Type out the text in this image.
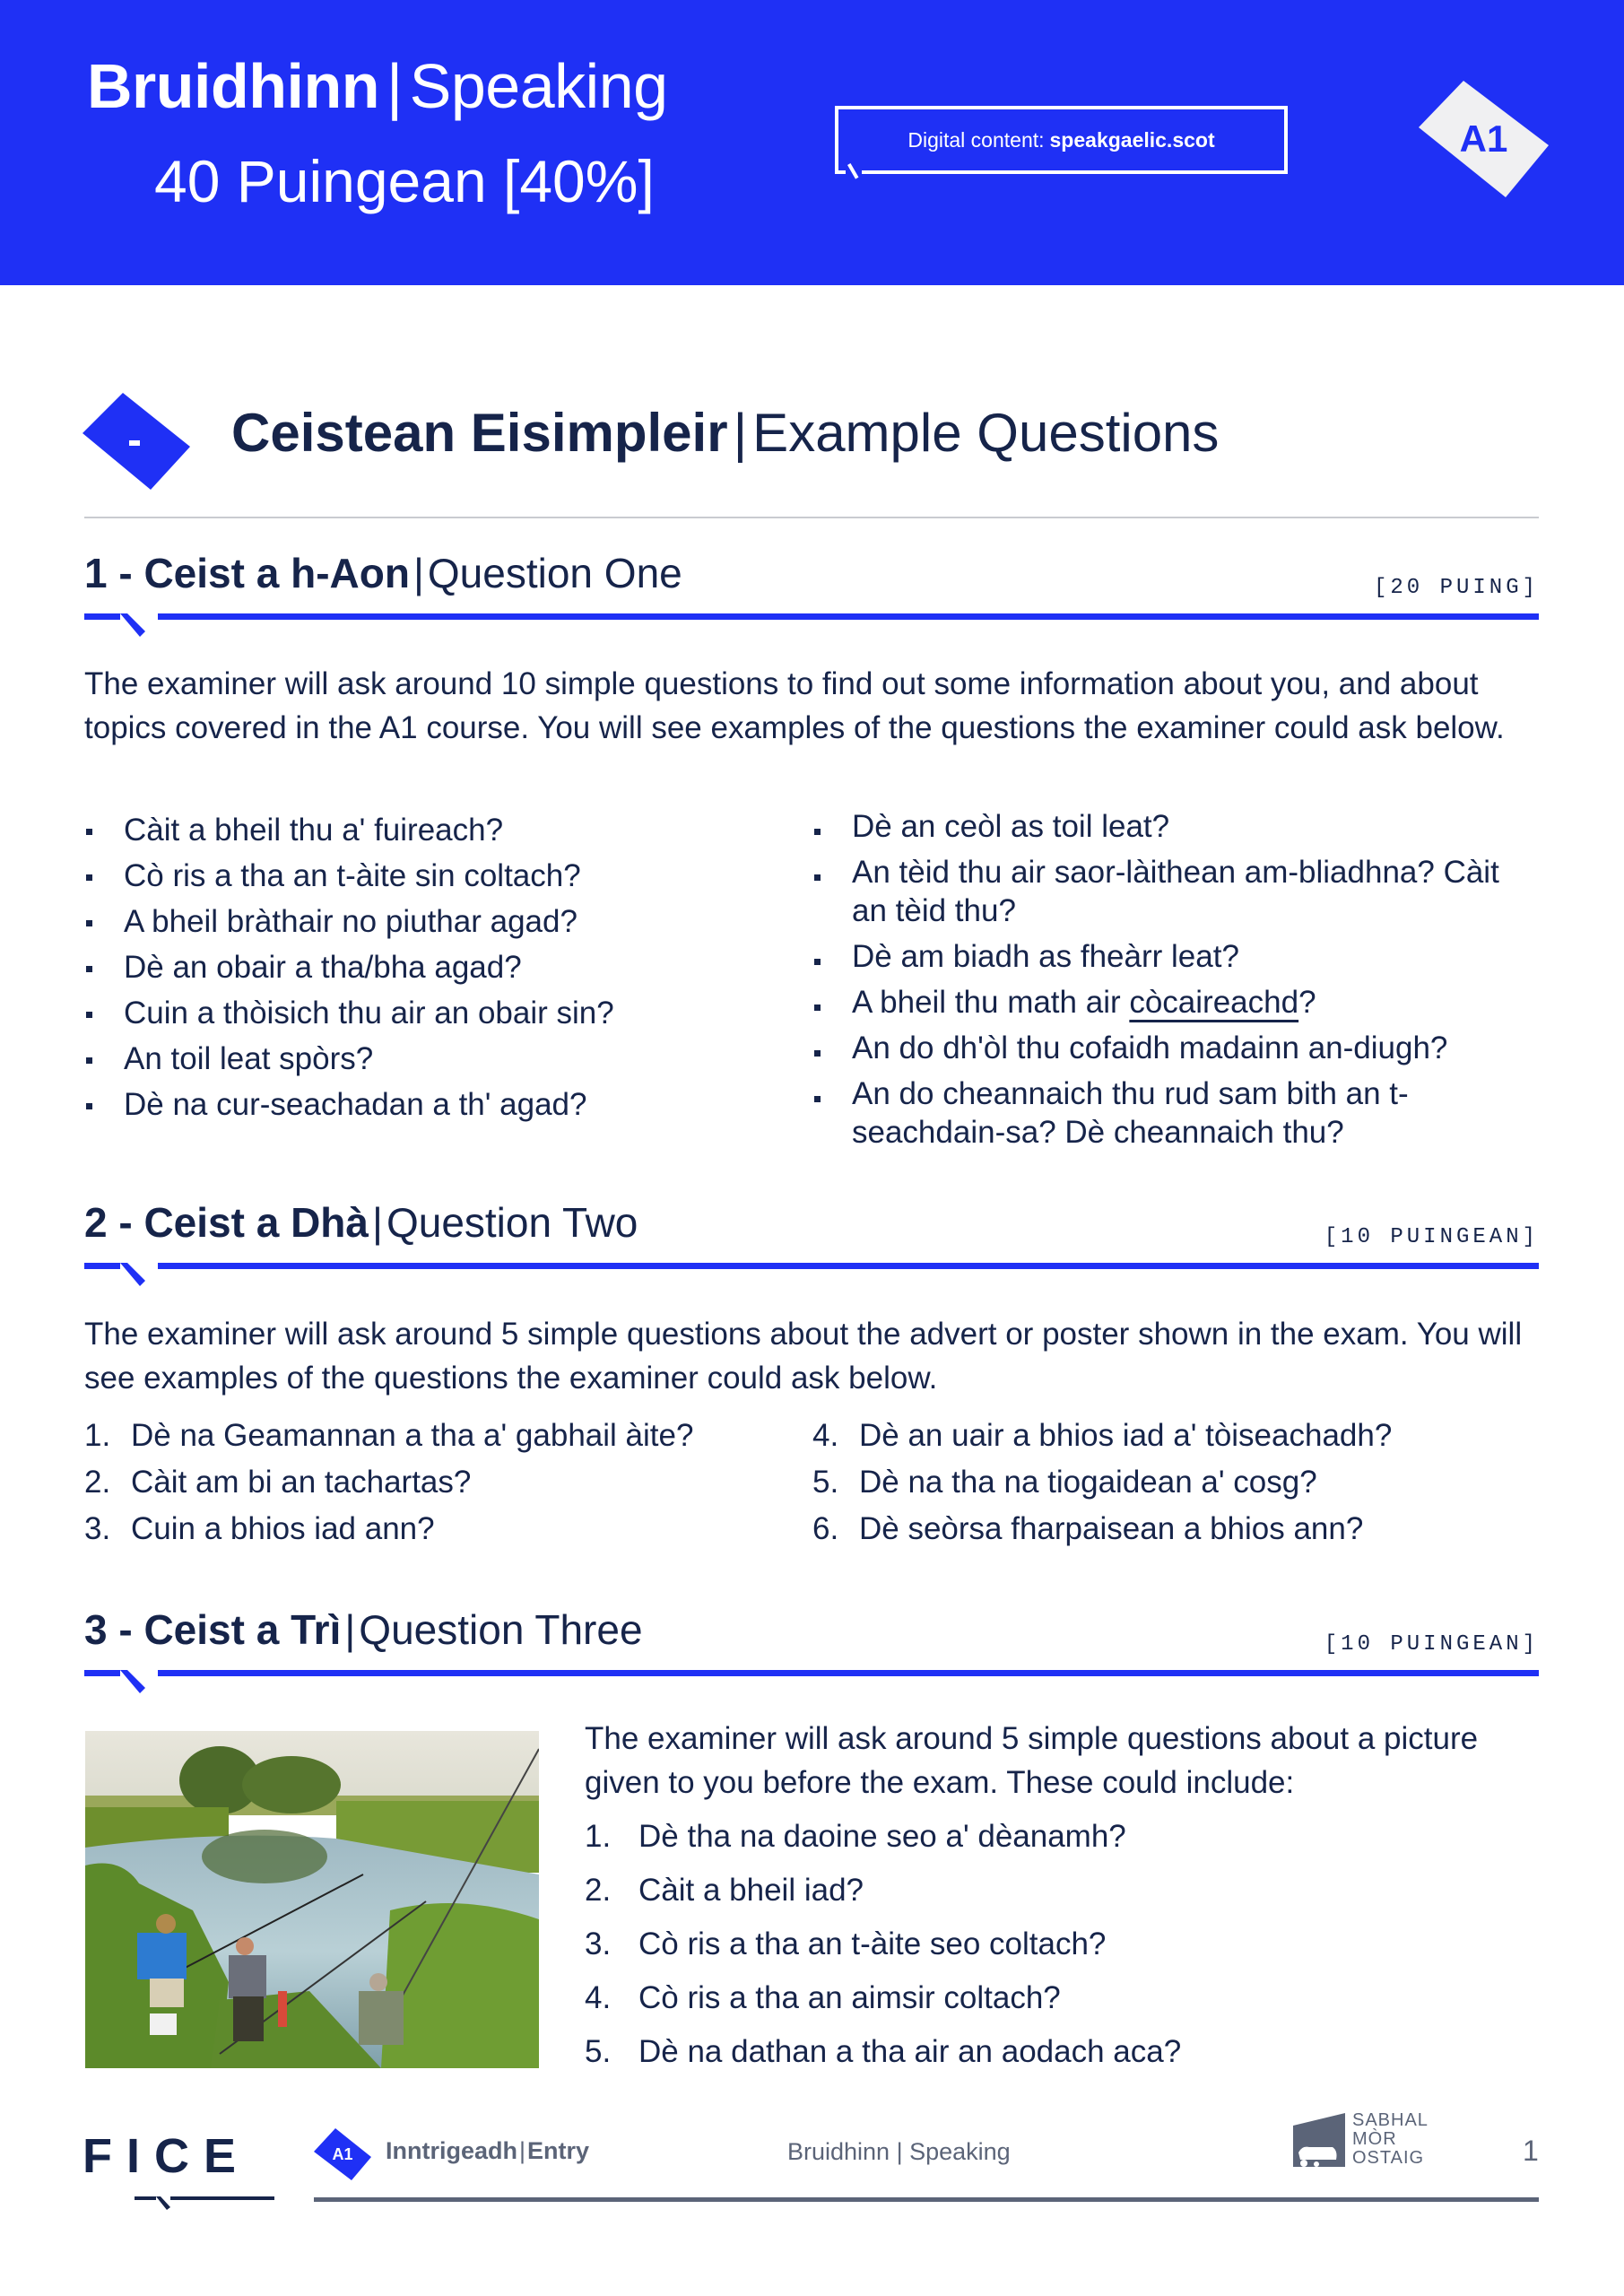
Bruidhinn | Speaking
40 Puingean [40%]
Digital content: speakgaelic.scot	A1
Ceistean Eisimpleir | Example Questions
1 - Ceist a h-Aon|Question One	[20 PUING]
The examiner will ask around 10 simple questions to find out some information about you, and about topics covered in the A1 course. You will see examples of the questions the examiner could ask below.
Càit a bheil thu a' fuireach?
Cò ris a tha an t-àite sin coltach?
A bheil bràthair no piuthar agad?
Dè an obair a tha/bha agad?
Cuin a thòisich thu air an obair sin?
An toil leat spòrs?
Dè na cur-seachadan a th' agad?
Dè an ceòl as toil leat?
An tèid thu air saor-làithean am-bliadhna? Càit an tèid thu?
Dè am biadh as fheàrr leat?
A bheil thu math air còcaireachd?
An do dh'òl thu cofaidh madainn an-diugh?
An do cheannaich thu rud sam bith an t-seachdain-sa? Dè cheannaich thu?
2 - Ceist a Dhà|Question Two	[10 PUINGEAN]
The examiner will ask around 5 simple questions about the advert or poster shown in the exam. You will see examples of the questions the examiner could ask below.
1. Dè na Geamannan a tha a' gabhail àite?
2. Càit am bi an tachartas?
3. Cuin a bhios iad ann?
4. Dè an uair a bhios iad a' tòiseachadh?
5. Dè na tha na tiogaidean a' cosg?
6. Dè seòrsa fharpaisean a bhios ann?
3 - Ceist a Trì|Question Three	[10 PUINGEAN]
The examiner will ask around 5 simple questions about a picture given to you before the exam. These could include:
1. Dè tha na daoine seo a' dèanamh?
2. Càit a bheil iad?
3. Cò ris a tha an t-àite seo coltach?
4. Cò ris a tha an aimsir coltach?
5. Dè na dathan a tha air an aodach aca?
FICE	A1	Inntrigeadh|Entry	Bruidhinn | Speaking
SABHAL
MÒR
OSTAIG	1
